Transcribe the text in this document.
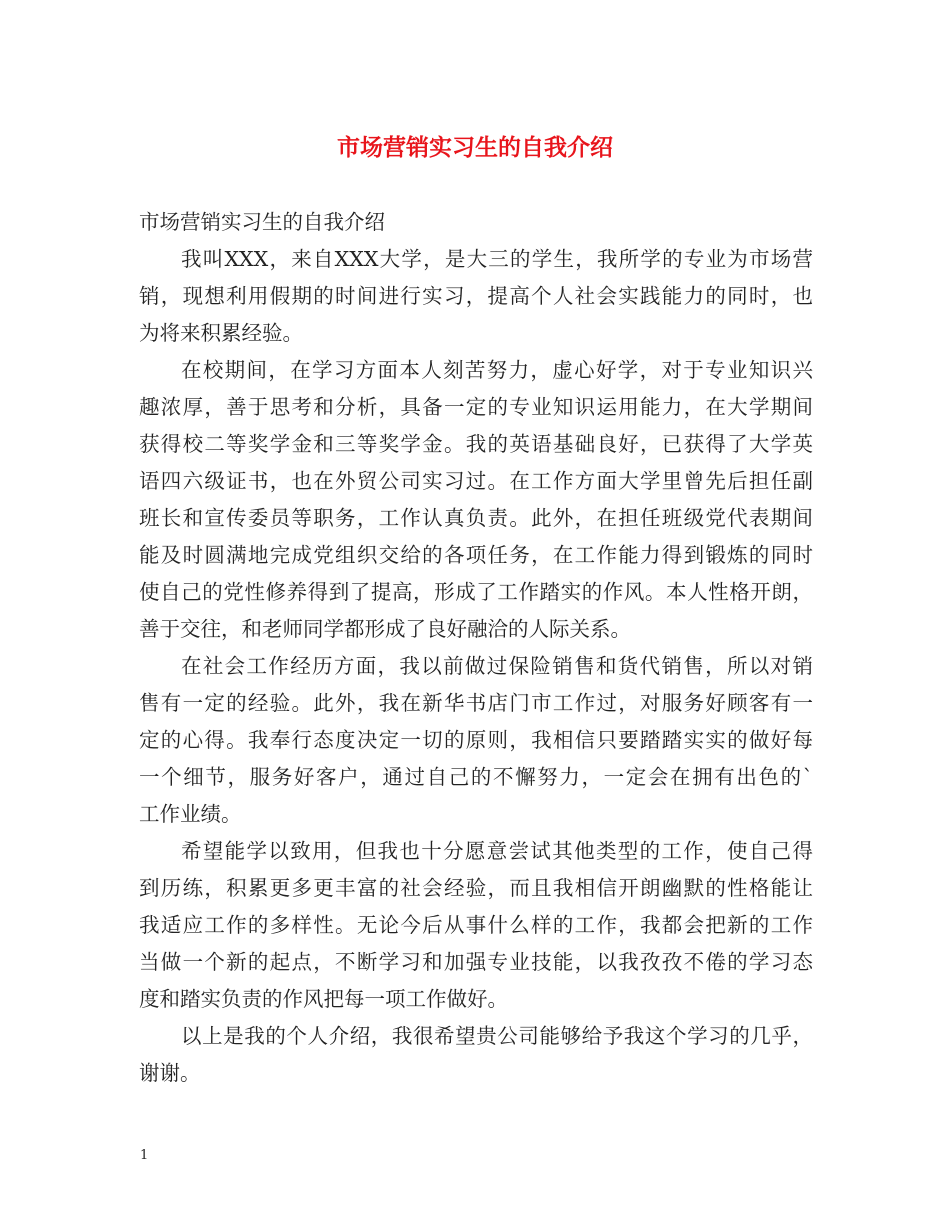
市场营销实习生的自我介绍
市场营销实习生的自我介绍
我叫XXX，来自XXX大学，是大三的学生，我所学的专业为市场营
销，现想利用假期的时间进行实习，提高个人社会实践能力的同时，也
为将来积累经验。
在校期间，在学习方面本人刻苦努力，虚心好学，对于专业知识兴
趣浓厚，善于思考和分析，具备一定的专业知识运用能力，在大学期间
获得校二等奖学金和三等奖学金。我的英语基础良好，已获得了大学英
语四六级证书，也在外贸公司实习过。在工作方面大学里曾先后担任副
班长和宣传委员等职务，工作认真负责。此外，在担任班级党代表期间
能及时圆满地完成党组织交给的各项任务，在工作能力得到锻炼的同时
使自己的党性修养得到了提高，形成了工作踏实的作风。本人性格开朗，
善于交往，和老师同学都形成了良好融洽的人际关系。
在社会工作经历方面，我以前做过保险销售和货代销售，所以对销
售有一定的经验。此外，我在新华书店门市工作过，对服务好顾客有一
定的心得。我奉行态度决定一切的原则，我相信只要踏踏实实的做好每
一个细节，服务好客户，通过自己的不懈努力，一定会在拥有出色的`
工作业绩。
希望能学以致用，但我也十分愿意尝试其他类型的工作，使自己得
到历练，积累更多更丰富的社会经验，而且我相信开朗幽默的性格能让
我适应工作的多样性。无论今后从事什么样的工作，我都会把新的工作
当做一个新的起点，不断学习和加强专业技能，以我孜孜不倦的学习态
度和踏实负责的作风把每一项工作做好。
以上是我的个人介绍，我很希望贵公司能够给予我这个学习的几乎，
谢谢。
1
